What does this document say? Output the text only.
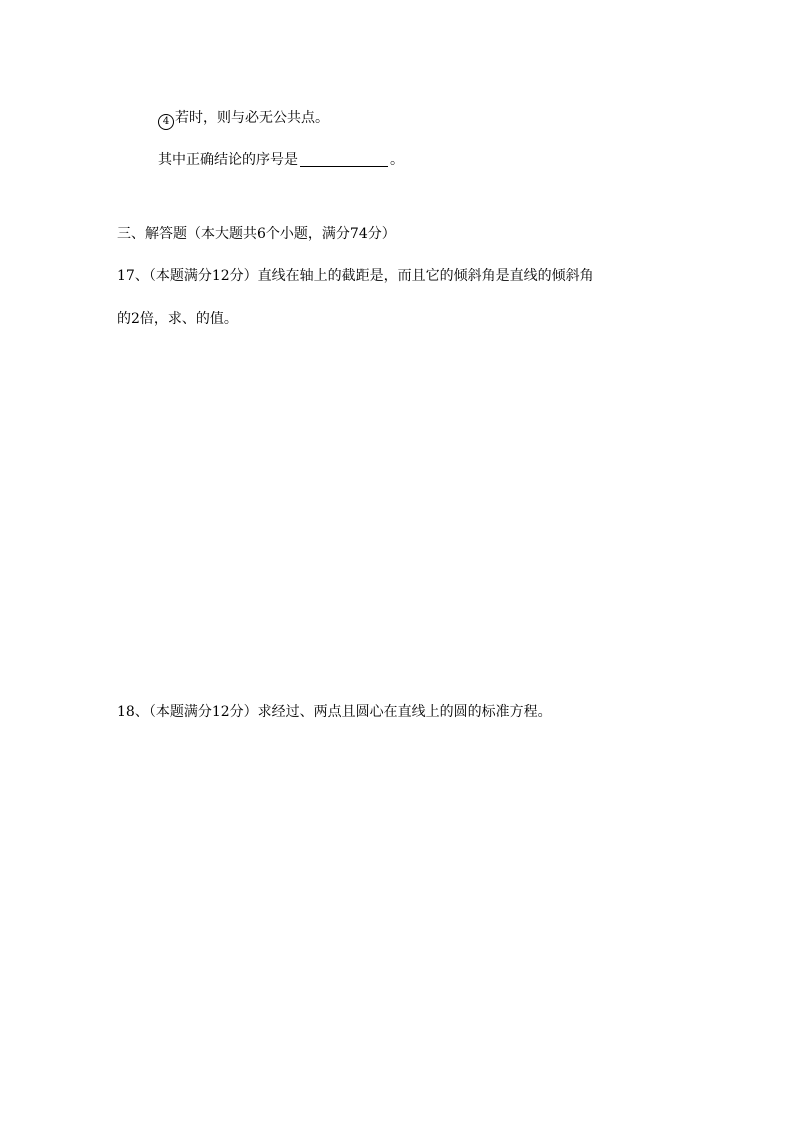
4 若时，则与必无公共点。
其中正确结论的序号是	。
三、解答题（本大题共6个小题，满分74分）
17、（本题满分12分）直线在轴上的截距是，而且它的倾斜角是直线的倾斜角
的2倍，求、的值。
18、（本题满分12分）求经过、两点且圆心在直线上的圆的标准方程。
